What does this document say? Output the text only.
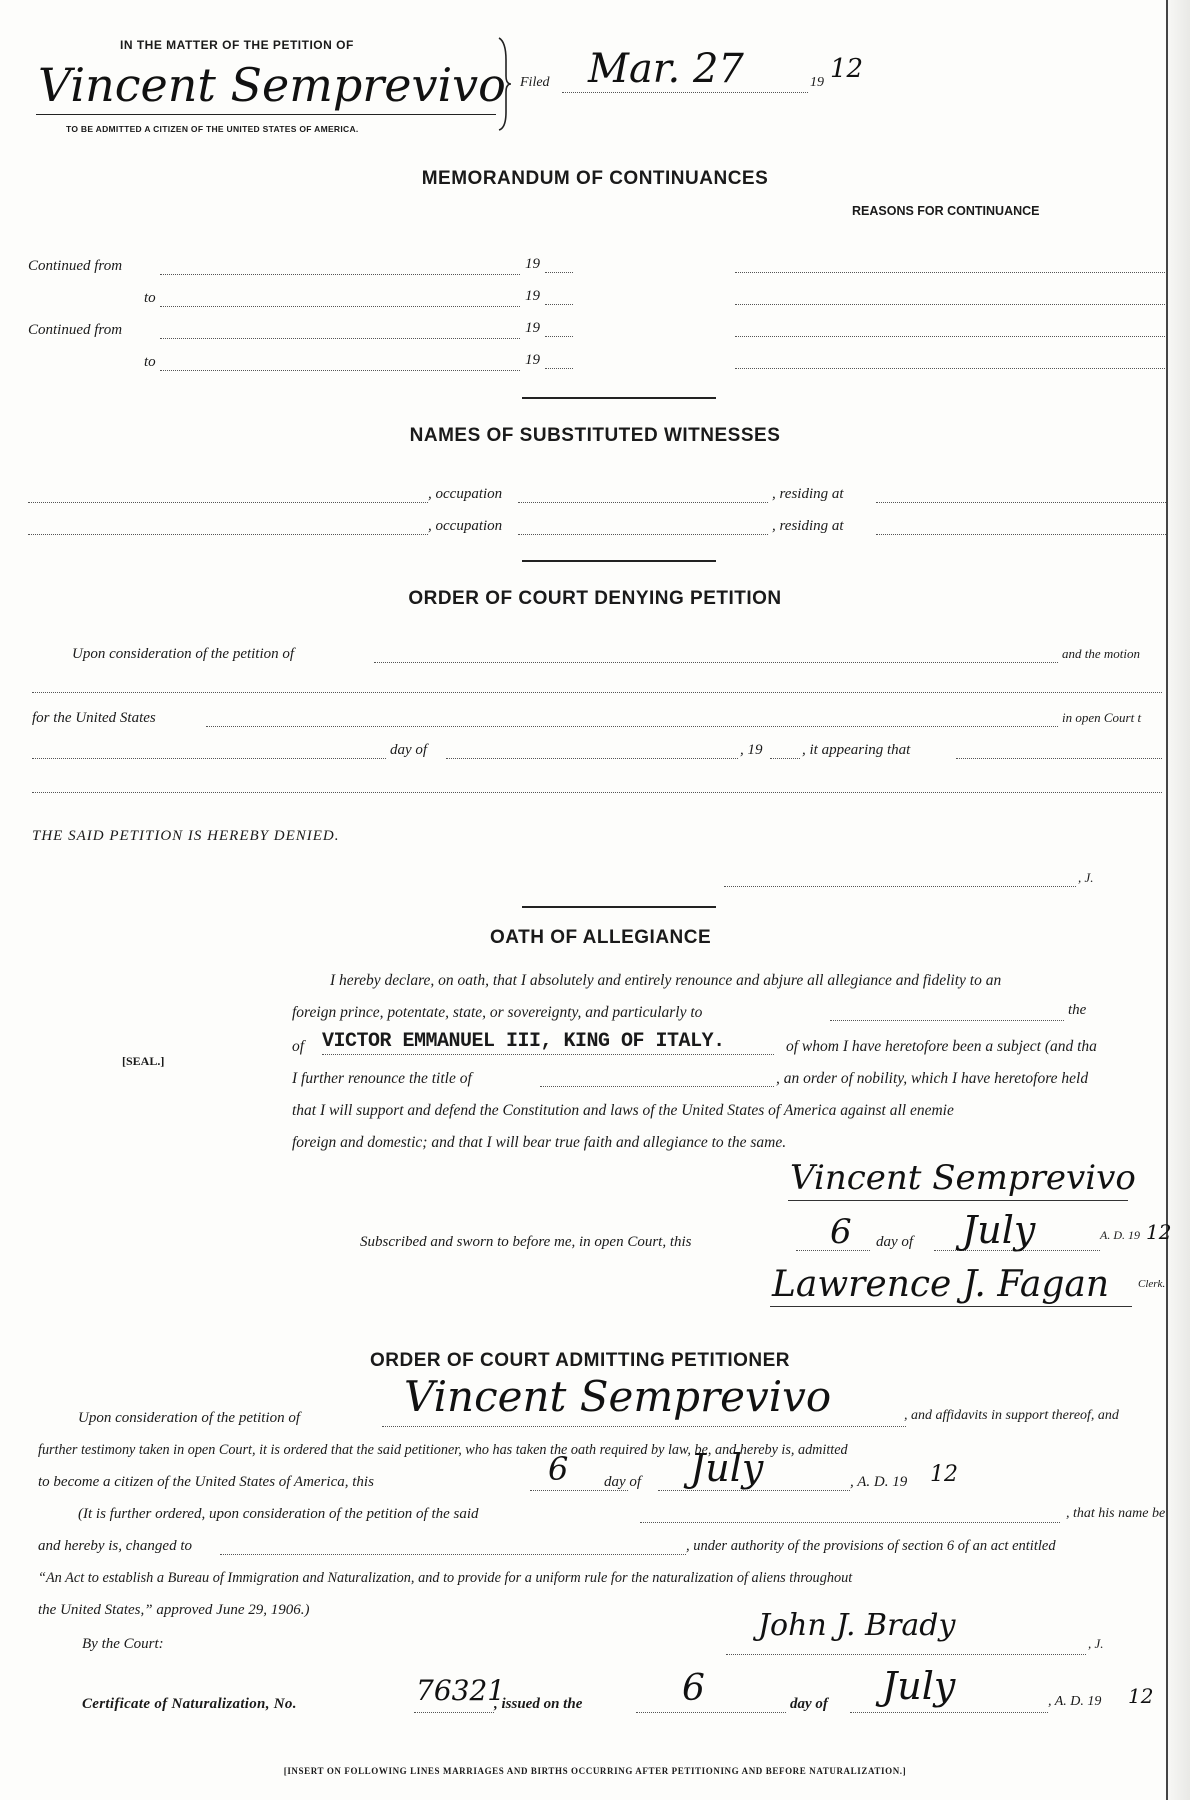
IN THE MATTER OF THE PETITION OF
Vincent Semprevivo
TO BE ADMITTED A CITIZEN OF THE UNITED STATES OF AMERICA.
Filed Mar. 27	19 12
MEMORANDUM OF CONTINUANCES
REASONS FOR CONTINUANCE
Continued from	19
to	19
Continued from	19
to	19
NAMES OF SUBSTITUTED WITNESSES
, occupation	, residing at
, occupation	, residing at
ORDER OF COURT DENYING PETITION
Upon consideration of the petition of	and the motion
for the United States	in open Court t
day of	, 19	, it appearing that
THE SAID PETITION IS HEREBY DENIED.
, J.
OATH OF ALLEGIANCE
I hereby declare, on oath, that I absolutely and entirely renounce and abjure all allegiance and fidelity to an
foreign prince, potentate, state, or sovereignty, and particularly to	the
[SEAL.]
of VICTOR EMMANUEL III, KING OF ITALY.	of whom I have heretofore been a subject (and tha
I further renounce the title of	, an order of nobility, which I have heretofore held
that I will support and defend the Constitution and laws of the United States of America against all enemie
foreign and domestic; and that I will bear true faith and allegiance to the same.
Vincent Semprevivo
Subscribed and sworn to before me, in open Court, this	6 day of July	A. D. 19 12
Lawrence J. Fagan	Clerk.
ORDER OF COURT ADMITTING PETITIONER
Upon consideration of the petition of Vincent Semprevivo	, and affidavits in support thereof, and
further testimony taken in open Court, it is ordered that the said petitioner, who has taken the oath required by law, be, and hereby is, admitted
to become a citizen of the United States of America, this	6 day of July	, A. D. 19 12
(It is further ordered, upon consideration of the petition of the said	, that his name be
and hereby is, changed to	, under authority of the provisions of section 6 of an act entitled
“An Act to establish a Bureau of Immigration and Naturalization, and to provide for a uniform rule for the naturalization of aliens throughout
the United States,” approved June 29, 1906.)
By the Court:
John J. Brady
, J.
Certificate of Naturalization, No.	76321
, issued on the	6	day of July	, A. D. 19 12
[INSERT ON FOLLOWING LINES MARRIAGES AND BIRTHS OCCURRING AFTER PETITIONING AND BEFORE NATURALIZATION.]
